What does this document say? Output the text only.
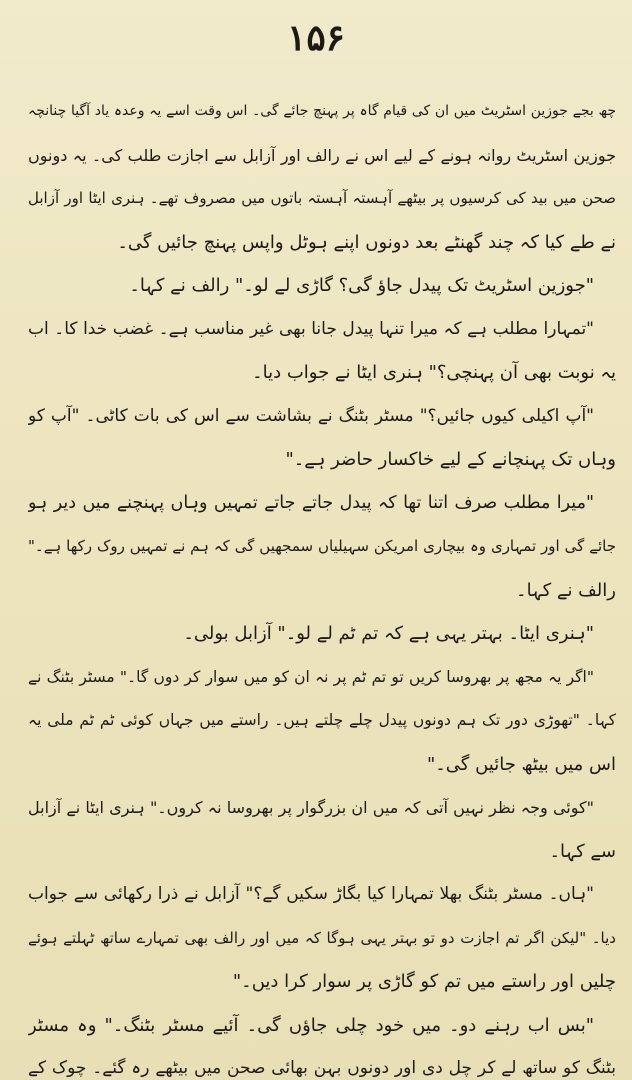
۱۵۶
چھ بجے جوزین اسٹریٹ میں ان کی قیام گاہ پر پہنچ جائے گی۔ اس وقت اسے یہ وعدہ یاد آگیا چنانچہ
جوزین اسٹریٹ روانہ ہونے کے لیے اس نے رالف اور آزابل سے اجازت طلب کی۔ یہ دونوں
صحن میں بید کی کرسیوں پر بیٹھے آہستہ آہستہ باتوں میں مصروف تھے۔ ہنری ایٹا اور آزابل
نے طے کیا کہ چند گھنٹے بعد دونوں اپنے ہوٹل واپس پہنچ جائیں گی۔
"جوزین اسٹریٹ تک پیدل جاؤ گی؟ گاڑی لے لو۔" رالف نے کہا۔
"تمہارا مطلب ہے کہ میرا تنہا پیدل جانا بھی غیر مناسب ہے۔ غضب خدا کا۔ اب
یہ نوبت بھی آن پہنچی؟" ہنری ایٹا نے جواب دیا۔
"آپ اکیلی کیوں جائیں؟" مسٹر بٹنگ نے بشاشت سے اس کی بات کاٹی۔ "آپ کو
وہاں تک پہنچانے کے لیے خاکسار حاضر ہے۔"
"میرا مطلب صرف اتنا تھا کہ پیدل جاتے جاتے تمہیں وہاں پہنچنے میں دیر ہو
جائے گی اور تمہاری وہ بیچاری امریکن سہیلیاں سمجھیں گی کہ ہم نے تمہیں روک رکھا ہے۔"
رالف نے کہا۔
"ہنری ایٹا۔ بہتر یہی ہے کہ تم ٹم لے لو۔" آزابل بولی۔
"اگر یہ مجھ پر بھروسا کریں تو تم ٹم پر نہ ان کو میں سوار کر دوں گا۔" مسٹر بٹنگ نے
کہا۔ "تھوڑی دور تک ہم دونوں پیدل چلے چلتے ہیں۔ راستے میں جہاں کوئی ٹم ٹم ملی یہ
اس میں بیٹھ جائیں گی۔"
"کوئی وجہ نظر نہیں آتی کہ میں ان بزرگوار پر بھروسا نہ کروں۔" ہنری ایٹا نے آزابل
سے کہا۔
"ہاں۔ مسٹر بٹنگ بھلا تمہارا کیا بگاڑ سکیں گے؟" آزابل نے ذرا رکھائی سے جواب
دیا۔ "لیکن اگر تم اجازت دو تو بہتر یہی ہوگا کہ میں اور رالف بھی تمہارے ساتھ ٹہلتے ہوئے
چلیں اور راستے میں تم کو گاڑی پر سوار کرا دیں۔"
"بس اب رہنے دو۔ میں خود چلی جاؤں گی۔ آئیے مسٹر بٹنگ۔" وہ مسٹر
بٹنگ کو ساتھ لے کر چل دی اور دونوں بہن بھائی صحن میں بیٹھے رہ گئے۔ چوک کے
